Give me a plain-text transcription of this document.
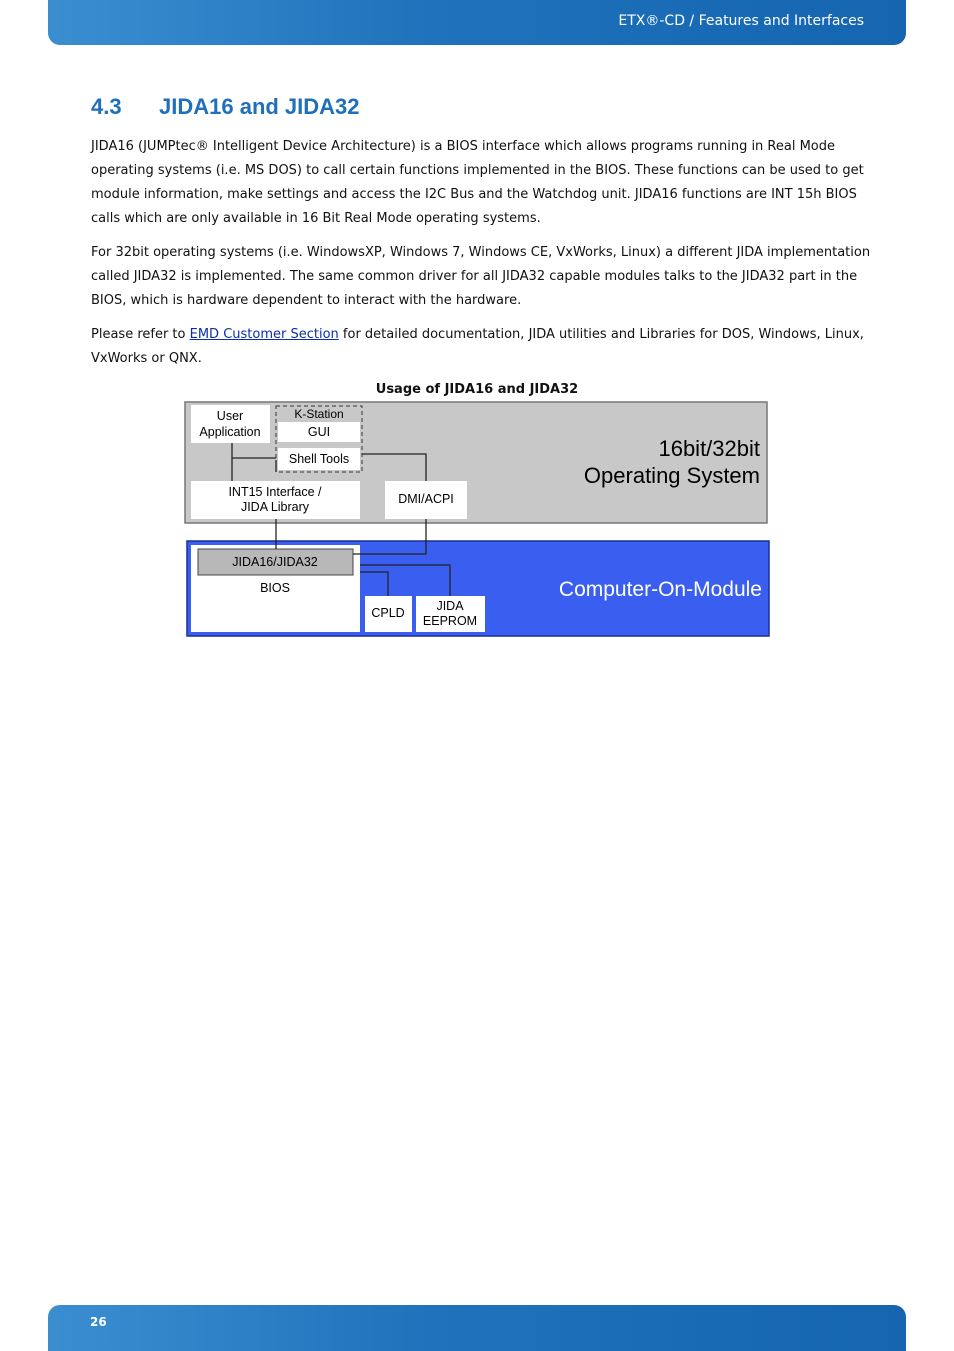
ETX®-CD / Features and Interfaces
4.3 JIDA16 and JIDA32

JIDA16 (JUMPtec® Intelligent Device Architecture) is a BIOS interface which allows programs running in Real Mode operating systems (i.e. MS DOS) to call certain functions implemented in the BIOS. These functions can be used to get module information, make settings and access the I2C Bus and the Watchdog unit. JIDA16 functions are INT 15h BIOS calls which are only available in 16 Bit Real Mode operating systems.

For 32bit operating systems (i.e. WindowsXP, Windows 7, Windows CE, VxWorks, Linux) a different JIDA implementation called JIDA32 is implemented. The same common driver for all JIDA32 capable modules talks to the JIDA32 part in the BIOS, which is hardware dependent to interact with the hardware.

Please refer to EMD Customer Section for detailed documentation, JIDA utilities and Libraries for DOS, Windows, Linux, VxWorks or QNX.

Usage of JIDA16 and JIDA32
16bit/32bit
Operating System
Computer-On-Module
User
Application
K-Station
GUI
Shell Tools
INT15 Interface /
JIDA Library
DMI/ACPI
JIDA16/JIDA32
BIOS
CPLD	JIDA
EEPROM
26
